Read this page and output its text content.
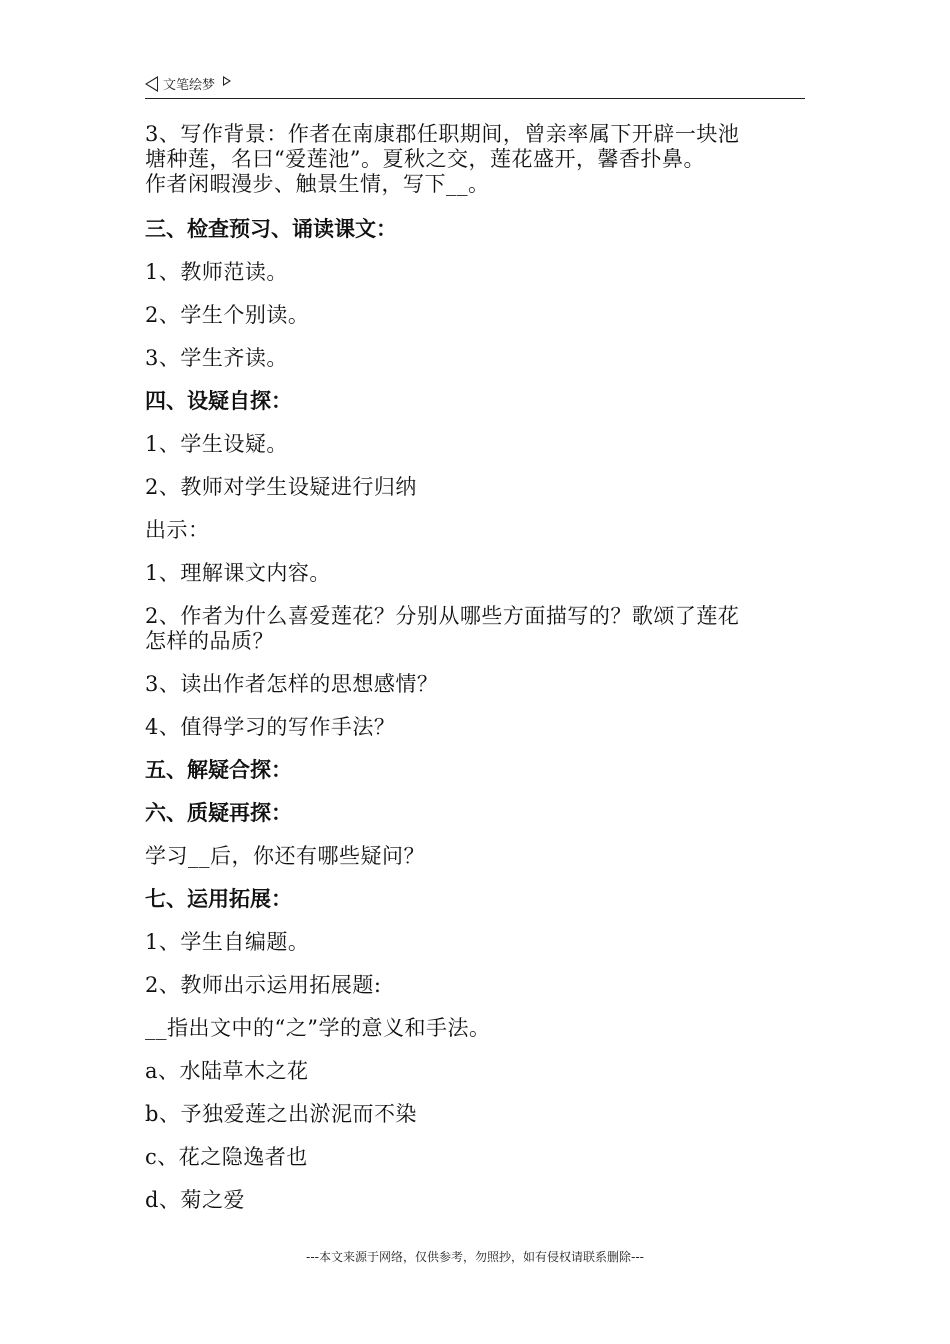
文笔绘梦
3、写作背景：作者在南康郡任职期间，曾亲率属下开辟一块池
塘种莲，名曰“爱莲池”。夏秋之交，莲花盛开，馨香扑鼻。
作者闲暇漫步、触景生情，写下__。
三、检查预习、诵读课文：
1、教师范读。
2、学生个别读。
3、学生齐读。
四、设疑自探：
1、学生设疑。
2、教师对学生设疑进行归纳
出示：
1、理解课文内容。
2、作者为什么喜爱莲花？分别从哪些方面描写的？歌颂了莲花
怎样的品质？
3、读出作者怎样的思想感情？
4、值得学习的写作手法？
五、解疑合探：
六、质疑再探：
学习__后，你还有哪些疑问？
七、运用拓展：
1、学生自编题。
2、教师出示运用拓展题:
__指出文中的“之”学的意义和手法。
a、水陆草木之花
b、予独爱莲之出淤泥而不染
c、花之隐逸者也
d、菊之爱
---本文来源于网络，仅供参考，勿照抄，如有侵权请联系删除---
